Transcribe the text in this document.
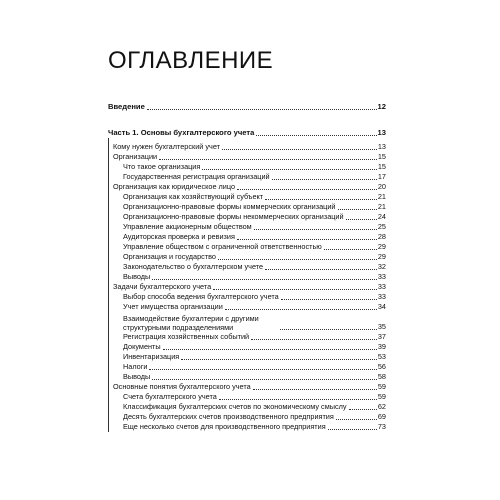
ОГЛАВЛЕНИЕ
Введение	12
Часть 1. Основы бухгалтерского учета	13
Кому нужен бухгалтерский учет	13
Организации	15
Что такое организация	15
Государственная регистрация организаций	17
Организация как юридическое лицо	20
Организация как хозяйствующий субъект	21
Организационно-правовые формы коммерческих организаций	21
Организационно-правовые формы некоммерческих организаций	24
Управление акционерным обществом	25
Аудиторская проверка и ревизия	28
Управление обществом с ограниченной ответственностью	29
Организация и государство	29
Законодательство о бухгалтерском учете	32
Выводы	33
Задачи бухгалтерского учета	33
Выбор способа ведения бухгалтерского учета	33
Учет имущества организации	34
Взаимодействие бухгалтерии с другими структурными подразделениями	35
Регистрация хозяйственных событий	37
Документы	39
Инвентаризация	53
Налоги	56
Выводы	58
Основные понятия бухгалтерского учета	59
Счета бухгалтерского учета	59
Классификация бухгалтерских счетов по экономическому смыслу	62
Десять бухгалтерских счетов производственного предприятия	69
Еще несколько счетов для производственного предприятия	73
